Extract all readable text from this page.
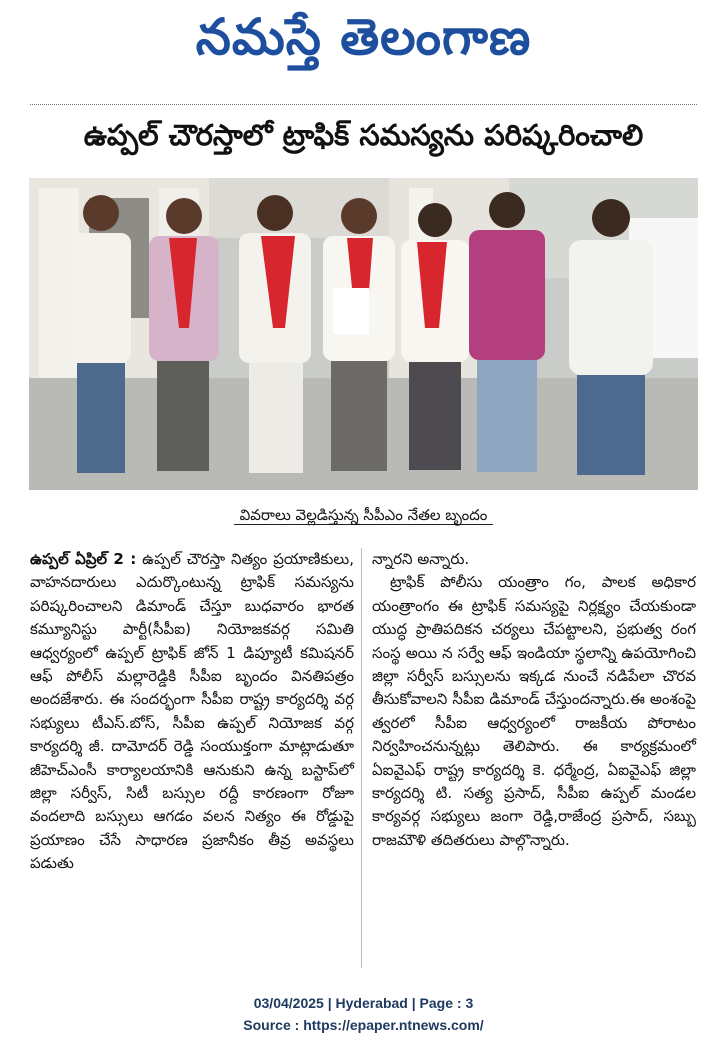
నమస్తే తెలంగాణ
ఉప్పల్ చౌరస్తాలో ట్రాఫిక్ సమస్యను పరిష్కరించాలి
వివరాలు వెల్లడిస్తున్న సీపీఎం నేతల బృందం
ఉప్పల్ ఏప్రిల్ 2 : ఉప్పల్ చౌరస్తా నిత్యం ప్రయాణికులు, వాహనదారులు ఎదుర్కొంటున్న ట్రాఫిక్ సమస్యను పరిష్కరించాలని డిమాండ్ చేస్తూ బుధవారం భారత కమ్యూనిస్టు పార్టీ(సీపీఐ) నియోజకవర్గ సమితి ఆధ్వర్యంలో ఉప్పల్ ట్రాఫిక్ జోన్ 1 డిప్యూటీ కమిషనర్ ఆఫ్ పోలీస్ మల్లారెడ్డికి సీపీఐ బృందం వినతిపత్రం అందజేశారు. ఈ సందర్భంగా సీపీఐ రాష్ట్ర కార్యదర్శి వర్గ సభ్యులు టీఎస్.బోస్, సీపీఐ ఉప్పల్ నియోజక వర్గ కార్యదర్శి జీ. దామోదర్ రెడ్డి సంయుక్తంగా మాట్లాడుతూ జీహెచ్ఎంసీ కార్యాలయానికి ఆనుకుని ఉన్న బస్టాప్‌లో జిల్లా సర్వీస్, సిటీ బస్సుల రద్దీ కారణంగా రోజూ వందలాది బస్సులు ఆగడం వలన నిత్యం ఈ రోడ్డుపై ప్రయాణం చేసే సాధారణ ప్రజానీకం తీవ్ర అవస్థలు పడుతు
న్నారని అన్నారు.
ట్రాఫిక్ పోలీసు యంత్రాం గం, పాలక అధికార యంత్రాంగం ఈ ట్రాఫిక్ సమస్యపై నిర్లక్ష్యం చేయకుండా యుద్ధ ప్రాతిపదికన చర్యలు చేపట్టాలని, ప్రభుత్వ రంగ సంస్థ అయి న సర్వే ఆఫ్ ఇండియా స్థలాన్ని ఉపయోగించి జిల్లా సర్వీస్ బస్సులను ఇక్కడ నుంచే నడిపేలా చొరవ తీసుకోవాలని సీపీఐ డిమాండ్ చేస్తుందన్నారు.ఈ అంశంపై త్వరలో సీపీఐ ఆధ్వర్యంలో రాజకీయ పోరాటం నిర్వహించనున్నట్లు తెలిపారు. ఈ కార్యక్రమంలో ఏఐవైఎఫ్ రాష్ట్ర కార్యదర్శి కె. ధర్మేంద్ర, ఏఐవైఎఫ్ జిల్లా కార్యదర్శి టి. సత్య ప్రసాద్, సీపీఐ ఉప్పల్ మండల కార్యవర్గ సభ్యులు జంగా రెడ్డి,రాజేంద్ర ప్రసాద్, సబ్బు రాజమౌళి తదితరులు పాల్గొన్నారు.
03/04/2025 | Hyderabad | Page : 3
Source : https://epaper.ntnews.com/
